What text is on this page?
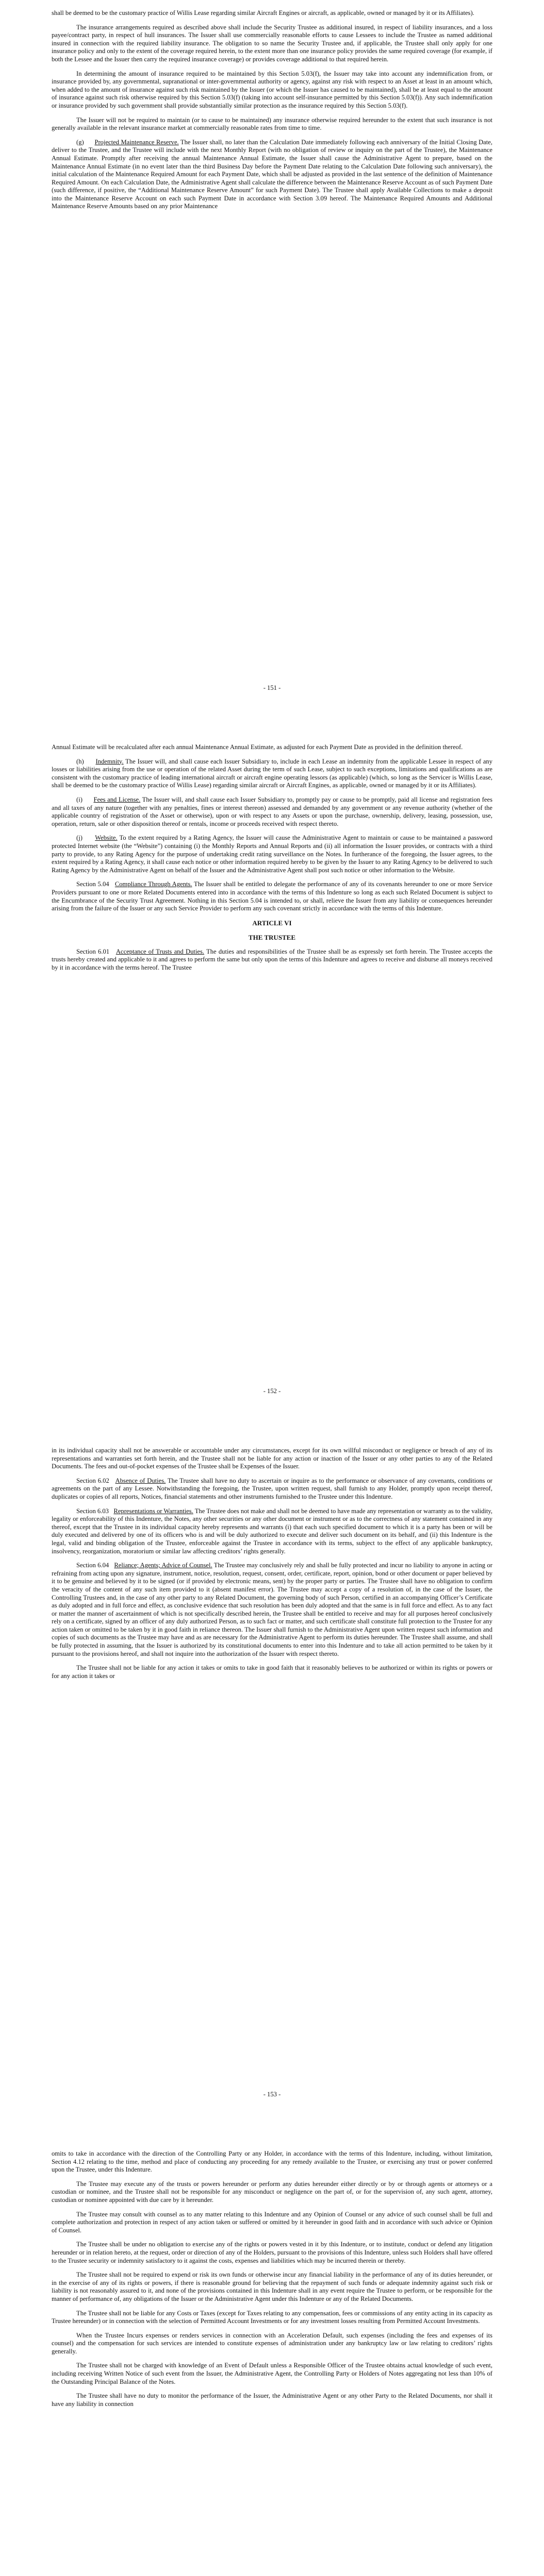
shall be deemed to be the customary practice of Willis Lease regarding similar Aircraft Engines or aircraft, as applicable, owned or managed by it or its Affiliates).

The insurance arrangements required as described above shall include the Security Trustee as additional insured, in respect of liability insurances, and a loss payee/contract party, in respect of hull insurances. The Issuer shall use commercially reasonable efforts to cause Lessees to include the Trustee as named additional insured in connection with the required liability insurance. The obligation to so name the Security Trustee and, if applicable, the Trustee shall only apply for one insurance policy and only to the extent of the coverage required herein, to the extent more than one insurance policy provides the same required coverage (for example, if both the Lessee and the Issuer then carry the required insurance coverage) or provides coverage additional to that required herein.

In determining the amount of insurance required to be maintained by this Section 5.03(f), the Issuer may take into account any indemnification from, or insurance provided by, any governmental, supranational or inter-governmental authority or agency, against any risk with respect to an Asset at least in an amount which, when added to the amount of insurance against such risk maintained by the Issuer (or which the Issuer has caused to be maintained), shall be at least equal to the amount of insurance against such risk otherwise required by this Section 5.03(f) (taking into account self-insurance permitted by this Section 5.03(f)). Any such indemnification or insurance provided by such government shall provide substantially similar protection as the insurance required by this Section 5.03(f).

The Issuer will not be required to maintain (or to cause to be maintained) any insurance otherwise required hereunder to the extent that such insurance is not generally available in the relevant insurance market at commercially reasonable rates from time to time.

(g) Projected Maintenance Reserve. The Issuer shall, no later than the Calculation Date immediately following each anniversary of the Initial Closing Date, deliver to the Trustee, and the Trustee will include with the next Monthly Report (with no obligation of review or inquiry on the part of the Trustee), the Maintenance Annual Estimate. Promptly after receiving the annual Maintenance Annual Estimate, the Issuer shall cause the Administrative Agent to prepare, based on the Maintenance Annual Estimate (in no event later than the third Business Day before the Payment Date relating to the Calculation Date following such anniversary), the initial calculation of the Maintenance Required Amount for each Payment Date, which shall be adjusted as provided in the last sentence of the definition of Maintenance Required Amount. On each Calculation Date, the Administrative Agent shall calculate the difference between the Maintenance Reserve Account as of such Payment Date (such difference, if positive, the “Additional Maintenance Reserve Amount” for such Payment Date). The Trustee shall apply Available Collections to make a deposit into the Maintenance Reserve Account on each such Payment Date in accordance with Section 3.09 hereof. The Maintenance Required Amounts and Additional Maintenance Reserve Amounts based on any prior Maintenance

- 151 -

Annual Estimate will be recalculated after each annual Maintenance Annual Estimate, as adjusted for each Payment Date as provided in the definition thereof.

(h) Indemnity. The Issuer will, and shall cause each Issuer Subsidiary to, include in each Lease an indemnity from the applicable Lessee in respect of any losses or liabilities arising from the use or operation of the related Asset during the term of such Lease, subject to such exceptions, limitations and qualifications as are consistent with the customary practice of leading international aircraft or aircraft engine operating lessors (as applicable) (which, so long as the Servicer is Willis Lease, shall be deemed to be the customary practice of Willis Lease) regarding similar aircraft or Aircraft Engines, as applicable, owned or managed by it or its Affiliates).

(i) Fees and License. The Issuer will, and shall cause each Issuer Subsidiary to, promptly pay or cause to be promptly, paid all license and registration fees and all taxes of any nature (together with any penalties, fines or interest thereon) assessed and demanded by any government or any revenue authority (whether of the applicable country of registration of the Asset or otherwise), upon or with respect to any Assets or upon the purchase, ownership, delivery, leasing, possession, use, operation, return, sale or other disposition thereof or rentals, income or proceeds received with respect thereto.

(j) Website. To the extent required by a Rating Agency, the Issuer will cause the Administrative Agent to maintain or cause to be maintained a password protected Internet website (the “Website”) containing (i) the Monthly Reports and Annual Reports and (ii) all information the Issuer provides, or contracts with a third party to provide, to any Rating Agency for the purpose of undertaking credit rating surveillance on the Notes. In furtherance of the foregoing, the Issuer agrees, to the extent required by a Rating Agency, it shall cause each notice or other information required hereby to be given by the Issuer to any Rating Agency to be delivered to such Rating Agency by the Administrative Agent on behalf of the Issuer and the Administrative Agent shall post such notice or other information to the Website.

Section 5.04 Compliance Through Agents. The Issuer shall be entitled to delegate the performance of any of its covenants hereunder to one or more Service Providers pursuant to one or more Related Documents entered into in accordance with the terms of this Indenture so long as each such Related Document is subject to the Encumbrance of the Security Trust Agreement. Nothing in this Section 5.04 is intended to, or shall, relieve the Issuer from any liability or consequences hereunder arising from the failure of the Issuer or any such Service Provider to perform any such covenant strictly in accordance with the terms of this Indenture.

ARTICLE VI
THE TRUSTEE

Section 6.01 Acceptance of Trusts and Duties. The duties and responsibilities of the Trustee shall be as expressly set forth herein. The Trustee accepts the trusts hereby created and applicable to it and agrees to perform the same but only upon the terms of this Indenture and agrees to receive and disburse all moneys received by it in accordance with the terms hereof. The Trustee

- 152 -

in its individual capacity shall not be answerable or accountable under any circumstances, except for its own willful misconduct or negligence or breach of any of its representations and warranties set forth herein, and the Trustee shall not be liable for any action or inaction of the Issuer or any other parties to any of the Related Documents. The fees and out-of-pocket expenses of the Trustee shall be Expenses of the Issuer.

Section 6.02 Absence of Duties. The Trustee shall have no duty to ascertain or inquire as to the performance or observance of any covenants, conditions or agreements on the part of any Lessee. Notwithstanding the foregoing, the Trustee, upon written request, shall furnish to any Holder, promptly upon receipt thereof, duplicates or copies of all reports, Notices, financial statements and other instruments furnished to the Trustee under this Indenture.

Section 6.03 Representations or Warranties. The Trustee does not make and shall not be deemed to have made any representation or warranty as to the validity, legality or enforceability of this Indenture, the Notes, any other securities or any other document or instrument or as to the correctness of any statement contained in any thereof, except that the Trustee in its individual capacity hereby represents and warrants (i) that each such specified document to which it is a party has been or will be duly executed and delivered by one of its officers who is and will be duly authorized to execute and deliver such document on its behalf, and (ii) this Indenture is the legal, valid and binding obligation of the Trustee, enforceable against the Trustee in accordance with its terms, subject to the effect of any applicable bankruptcy, insolvency, reorganization, moratorium or similar law affecting creditors’ rights generally.

Section 6.04 Reliance; Agents; Advice of Counsel. The Trustee may conclusively rely and shall be fully protected and incur no liability to anyone in acting or refraining from acting upon any signature, instrument, notice, resolution, request, consent, order, certificate, report, opinion, bond or other document or paper believed by it to be genuine and believed by it to be signed (or if provided by electronic means, sent) by the proper party or parties. The Trustee shall have no obligation to confirm the veracity of the content of any such item provided to it (absent manifest error). The Trustee may accept a copy of a resolution of, in the case of the Issuer, the Controlling Trustees and, in the case of any other party to any Related Document, the governing body of such Person, certified in an accompanying Officer’s Certificate as duly adopted and in full force and effect, as conclusive evidence that such resolution has been duly adopted and that the same is in full force and effect. As to any fact or matter the manner of ascertainment of which is not specifically described herein, the Trustee shall be entitled to receive and may for all purposes hereof conclusively rely on a certificate, signed by an officer of any duly authorized Person, as to such fact or matter, and such certificate shall constitute full protection to the Trustee for any action taken or omitted to be taken by it in good faith in reliance thereon. The Issuer shall furnish to the Administrative Agent upon written request such information and copies of such documents as the Trustee may have and as are necessary for the Administrative Agent to perform its duties hereunder. The Trustee shall assume, and shall be fully protected in assuming, that the Issuer is authorized by its constitutional documents to enter into this Indenture and to take all action permitted to be taken by it pursuant to the provisions hereof, and shall not inquire into the authorization of the Issuer with respect thereto.

The Trustee shall not be liable for any action it takes or omits to take in good faith that it reasonably believes to be authorized or within its rights or powers or for any action it takes or

- 153 -

omits to take in accordance with the direction of the Controlling Party or any Holder, in accordance with the terms of this Indenture, including, without limitation, Section 4.12 relating to the time, method and place of conducting any proceeding for any remedy available to the Trustee, or exercising any trust or power conferred upon the Trustee, under this Indenture.

The Trustee may execute any of the trusts or powers hereunder or perform any duties hereunder either directly or by or through agents or attorneys or a custodian or nominee, and the Trustee shall not be responsible for any misconduct or negligence on the part of, or for the supervision of, any such agent, attorney, custodian or nominee appointed with due care by it hereunder.

The Trustee may consult with counsel as to any matter relating to this Indenture and any Opinion of Counsel or any advice of such counsel shall be full and complete authorization and protection in respect of any action taken or suffered or omitted by it hereunder in good faith and in accordance with such advice or Opinion of Counsel.

The Trustee shall be under no obligation to exercise any of the rights or powers vested in it by this Indenture, or to institute, conduct or defend any litigation hereunder or in relation hereto, at the request, order or direction of any of the Holders, pursuant to the provisions of this Indenture, unless such Holders shall have offered to the Trustee security or indemnity satisfactory to it against the costs, expenses and liabilities which may be incurred therein or thereby.

The Trustee shall not be required to expend or risk its own funds or otherwise incur any financial liability in the performance of any of its duties hereunder, or in the exercise of any of its rights or powers, if there is reasonable ground for believing that the repayment of such funds or adequate indemnity against such risk or liability is not reasonably assured to it, and none of the provisions contained in this Indenture shall in any event require the Trustee to perform, or be responsible for the manner of performance of, any obligations of the Issuer or the Administrative Agent under this Indenture or any of the Related Documents.

The Trustee shall not be liable for any Costs or Taxes (except for Taxes relating to any compensation, fees or commissions of any entity acting in its capacity as Trustee hereunder) or in connection with the selection of Permitted Account Investments or for any investment losses resulting from Permitted Account Investments.

When the Trustee Incurs expenses or renders services in connection with an Acceleration Default, such expenses (including the fees and expenses of its counsel) and the compensation for such services are intended to constitute expenses of administration under any bankruptcy law or law relating to creditors’ rights generally.

The Trustee shall not be charged with knowledge of an Event of Default unless a Responsible Officer of the Trustee obtains actual knowledge of such event, including receiving Written Notice of such event from the Issuer, the Administrative Agent, the Controlling Party or Holders of Notes aggregating not less than 10% of the Outstanding Principal Balance of the Notes.

The Trustee shall have no duty to monitor the performance of the Issuer, the Administrative Agent or any other Party to the Related Documents, nor shall it have any liability in connection
